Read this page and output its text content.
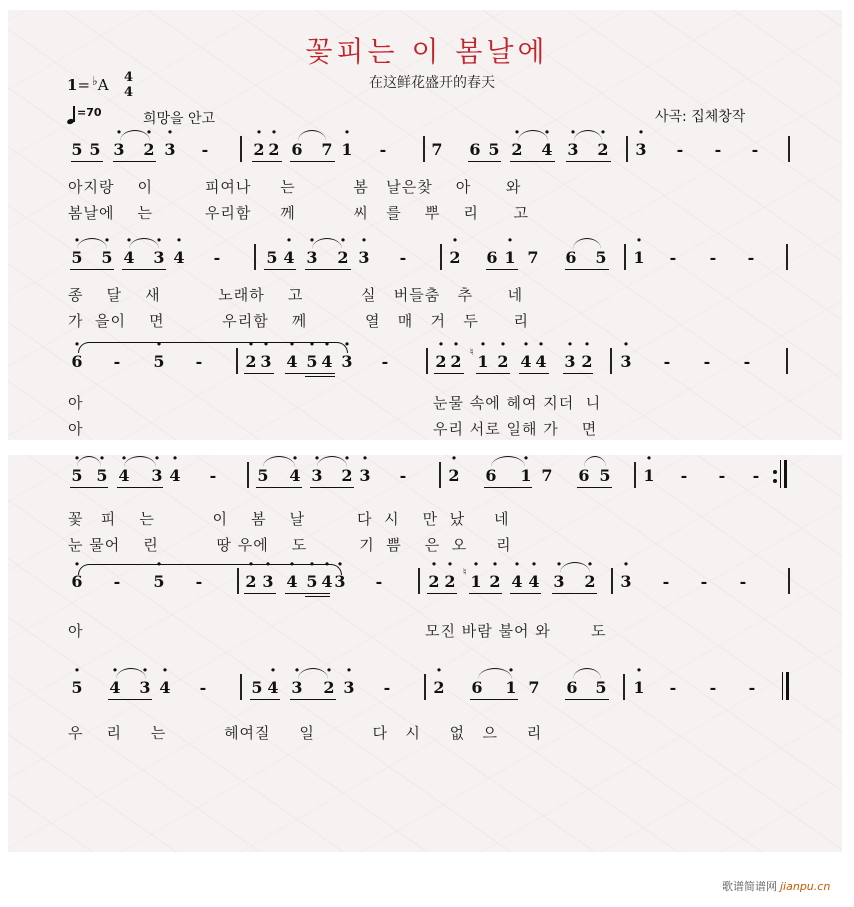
꽃피는 이 봄날에
在这鲜花盛开的春天
1= ♭A 4
4
=70	희망을 안고	사곡: 집체창작
5 5 · 3 · 2 · 3 -	· 2 · 2 6 7 · 1 -	7 6 5 · 2 · 4 · 3 · 2 · 3 - - -
아지랑    이         피여나     는          봄   날은찾    아      와
봄날에    는         우리함     께          씨   를    뿌    리      고
· 5 · 5 · 4 · 3 · 4 -	5 · 4 · 3 · 2 · 3 -	· 2 6 · 1 7 6 5 · 1 - - -
종    달    새          노래하    고          실   버들춤   추      네
가  을이    면          우리함    께          열   매   거   두      리
· 6 - · 5 -	· 2 · 3 · 4 · 5 · 4 · 3 -	· 2 · 2 ♮ · 1 · 2 · 4 · 4 · 3 · 2 · 3 - - -
아	눈물 속에 헤여 지더  니
아	우리 서로 일해 가    면
· 5 · 5 · 4 · 3 · 4 -	5 · 4 · 3 · 2 · 3 -	· 2 6 · 1 7 6 5 · 1 - - -
꽃   피    는          이    봄    날         다  시    만  났     네
눈 물어    린          땅 우에    도         기  쁨    은  오     리
· 6 - · 5 -	· 2 · 3 · 4 · 5 · 4 · 3 -	· 2 · 2 ♮ · 1 · 2 · 4 · 4 · 3 · 2 · 3 - - -
아	모진 바람 불어 와       도
· 5 · 4 · 3 · 4 -	5 · 4 · 3 · 2 · 3 -	· 2 6 · 1 7 6 5 · 1 - - -
우    리     는          헤여질     일          다   시     없   으     리
歌谱简谱网 jianpu.cn
